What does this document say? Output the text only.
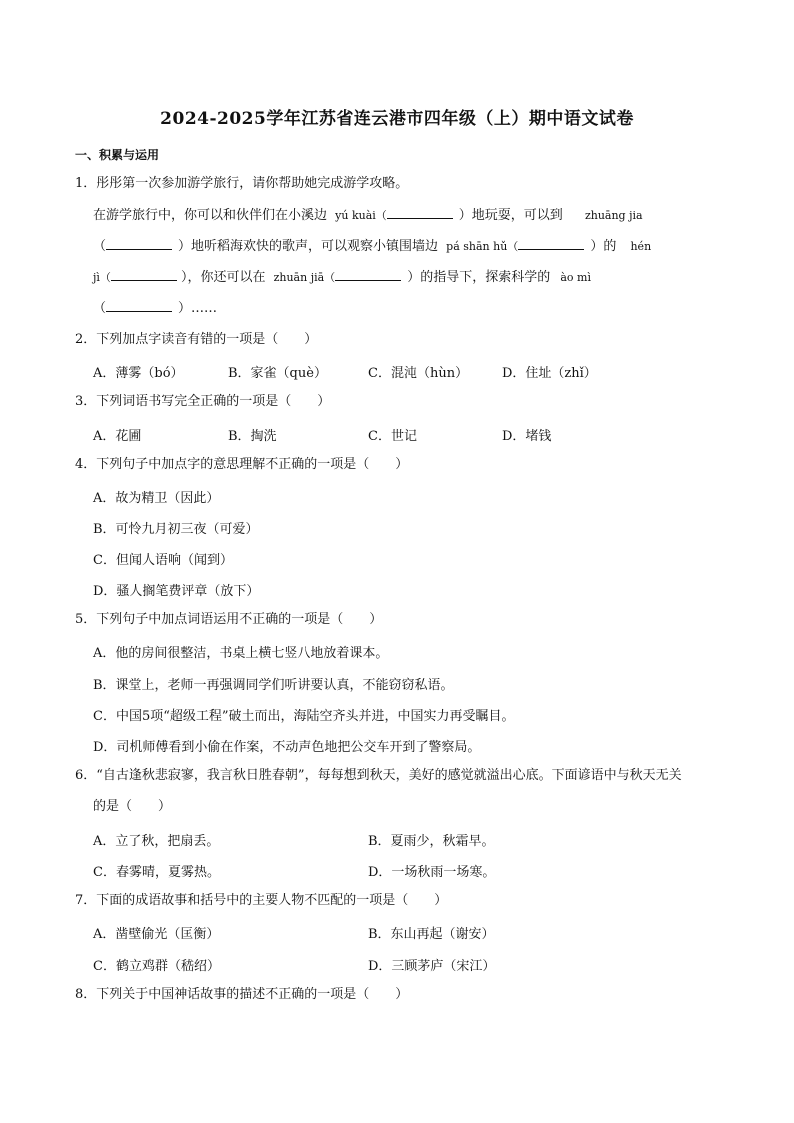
2024-2025学年江苏省连云港市四年级（上）期中语文试卷
一、积累与运用
1．彤彤第一次参加游学旅行，请你帮助她完成游学攻略。
在游学旅行中，你可以和伙伴们在小溪边 yú kuài（	）地玩耍，可以到 zhuāng jia
（	）地听稻海欢快的歌声，可以观察小镇围墙边 pá shān hǔ（	）的 hén
jì（	），你还可以在 zhuān jiā（	）的指导下，探索科学的 ào mì
（	）……
2．下列加点字读音有错的一项是（　　）
A．薄雾（bó）	B．家雀（què）	C．混沌（hùn）	D．住址（zhǐ）
3．下列词语书写完全正确的一项是（　　）
A．花圃	B．掏洗	C．世记	D．堵钱
4．下列句子中加点字的意思理解不正确的一项是（　　）
A．故为精卫（因此）
B．可怜九月初三夜（可爱）
C．但闻人语响（闻到）
D．骚人搁笔费评章（放下）
5．下列句子中加点词语运用不正确的一项是（　　）
A．他的房间很整洁，书桌上横七竖八地放着课本。
B．课堂上，老师一再强调同学们听讲要认真，不能窃窃私语。
C．中国5项“超级工程”破土而出，海陆空齐头并进，中国实力再受瞩目。
D．司机师傅看到小偷在作案，不动声色地把公交车开到了警察局。
6．“自古逢秋悲寂寥，我言秋日胜春朝”，每每想到秋天，美好的感觉就溢出心底。下面谚语中与秋天无关
的是（　　）
A．立了秋，把扇丢。	B．夏雨少，秋霜早。
C．春雾晴，夏雾热。	D．一场秋雨一场寒。
7．下面的成语故事和括号中的主要人物不匹配的一项是（　　）
A．凿壁偷光（匡衡）	B．东山再起（谢安）
C．鹤立鸡群（嵇绍）	D．三顾茅庐（宋江）
8．下列关于中国神话故事的描述不正确的一项是（　　）
